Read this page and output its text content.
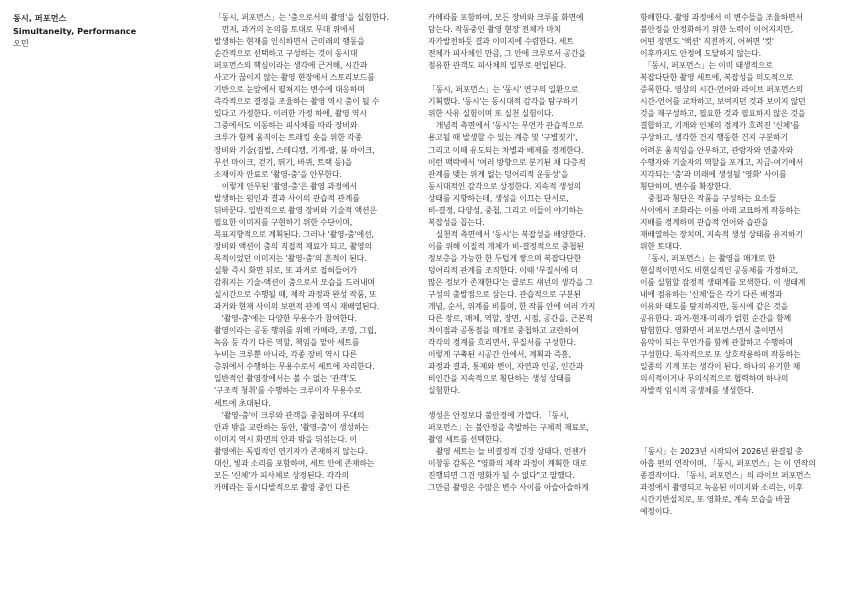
동시, 퍼포먼스
Simultaneity, Performance
오민
「동시, 퍼포먼스」는 '춤으로서의 촬영'을 실험한다.
　먼저, 과거의 논의를 토대로 무대 위에서
발생하는 현재를 인식하면서 근미래의 행동을
순간적으로 선택하고 구성하는 것이 동시대
퍼포먼스의 핵심이라는 생각에 근거해, 시간과
사고가 끊이지 않는 촬영 현장에서 스토리보드를
기반으로 눈앞에서 펼쳐지는 변수에 대응하며
즉각적으로 결정을 조율하는 촬영 역시 춤이 될 수
있다고 가정한다. 이러한 가정 하에, 촬영 역시
그중에서도 이동하는 피사체를 따라 장비와
크루가 함께 움직이는 트래킹 숏을 위한 각종
장비와 기술(짐벌, 스테디캠, 기계-팔, 붐 마이크,
무선 마이크, 걷기, 뛰기, 바퀴, 트랙 등)을
소재이자 안료로 '촬영-춤'을 안무한다.
　이렇게 안무된 '촬영-춤'은 촬영 과정에서
발생하는 원인과 결과 사이의 관습적 관계를
뒤바꾼다. 일반적으로 촬영 장비와 기술적 액션은
필요한 이미지를 구현하기 위한 수단이며,
목표지향적으로 계획된다. 그러나 '촬영-춤'에선,
장비와 액션이 춤의 직접적 재료가 되고, 촬영의
목적이었던 이미지는 '촬영-춤'의 흔적이 된다.
실황 즉시 화면 뒤로, 또 과거로 접혀들어가
감춰지는 기술-액션이 춤으로서 모습을 드러내며
실시간으로 수행될 때, 제작 과정과 완성 작품, 또
과거와 현재 사이의 보편적 관계 역시 재배열된다.
　'촬영-춤'에는 다양한 무용수가 참여한다.
촬영이라는 공동 행위를 위해 카메라, 조명, 그립,
녹음 등 각기 다른 역할, 책임을 맡아 세트를
누비는 크루뿐 아니라, 각종 장비 역시 다른
층위에서 수행하는 무용수로서 세트에 자리한다.
일반적인 촬영장에서는 볼 수 없는 '관객'도
'구조적 청취'를 수행하는 크루이자 무용수로
세트에 초대된다.
　'촬영-춤'이 크루와 관객을 중첩하며 무대의
안과 밖을 교란하는 동안, '촬영-춤'이 생성하는
이미지 역시 화면의 안과 밖을 뒤섞는다. 이
촬영에는 독립적인 연기자가 존재하지 않는다.
대신, 빛과 소리를 포함하여, 세트 안에 존재하는
모든 '신체'가 피사체로 상정된다. 각각의
카메라는 동시다발적으로 촬영 중인 다른
카메라를 포함하여, 모든 장비와 크루를 화면에
담는다. 작동중인 촬영 현장 전체가 마치
자가발전하듯 결과 이미지에 수렴한다. 세트
전체가 피사체인 만큼, 그 안에 크루로서 공간을
점유한 관객도 피사체의 일부로 편입된다.
「동시, 퍼포먼스」는 '동시' 연구의 일환으로
기획했다. '동시'는 동시대적 감각을 탐구하기
위한 사유 실험이며 또 실천 실험이다.
　개념적 측면에서 '동시'는 무언가 관습적으로
용고될 때 발생할 수 있는 계층 및 '구별짓기',
그리고 이때 유도되는 차별과 배제를 경계한다.
이런 맥락에서 '여러 방향으로 분기된 채 다층적
관계를 맺는 위계 없는 덩어리적 운동성'을
동시대적인 감각으로 상정한다. 지속적 생성의
상태를 지향하는데, 생성을 이끄는 단서로,
비-결정, 다양성, 중첩, 그리고 이들이 야기하는
복잡성을 꼽는다.
　실천적 측면에서 '동시'는 복잡성을 배양한다.
이를 위해 이질적 개체가 비-결정적으로 중첩된
정보층을 가능한 한 두텁게 쌓으며 복잡다단한
덩어리적 관계를 조직한다. 이때 '무질서에 더
많은 정보가 존재한다'는 클로드 섀넌의 생각을 그
구성의 출발점으로 삼는다. 관습적으로 구분된
개념, 순서, 위계를 비틀며, 한 작품 안에 여러 가지
다른 장르, 매체, 역할, 장면, 시점, 공간을, 근본적
차이점과 공통점을 매개로 중첩하고 교란하여
각각의 경계를 흐리면서, 무질서를 구성한다.
이렇게 구축된 시공간 안에서, 계획과 즉흥,
과정과 결과, 통제와 변이, 자연과 인공, 인간과
비인간을 지속적으로 횡단하는 생성 상태를
실험한다.
생성은 안정보다 불안정에 가깝다. 「동시,
퍼포먼스」는 불안정을 촉발하는 구체적 재료로,
촬영 세트를 선택한다.
　촬영 세트는 늘 비결정적 긴장 상태다. 언젠가
이창동 감독은 "영화의 제작 과정이 계획한 대로
진행되면 그건 영화가 될 수 없다"고 말했다.
그만큼 촬영은 수많은 변수 사이를 아슬아슬하게
항해한다. 촬영 과정에서 이 변수들을 조율하면서
불안정을 안정화하기 위한 노력이 이어지지만,
어떤 장면도 '액션' 직전까지, 어쩌면 '컷'
이후까지도 안정에 도달하지 않는다.
　「동시, 퍼포먼스」는 이미 태생적으로
복잡다단한 촬영 세트에, 복잡성을 의도적으로
증폭한다. 영상의 시간-언어와 라이브 퍼포먼스의
시간-언어를 교차하고, 보여지던 것과 보이지 않던
것을 재구성하고, 필요한 것과 필요하지 않은 것을
결합하고, 기계와 인체의 경계가 흐려진 '신체'를
구상하고, 생각한 건지 행동한 건지 구분하기
어려운 움직임을 안무하고, 관람자와 연출자와
수행자와 기술자의 역할을 포개고, 지금-여기에서
지각되는 '춤'과 미래에 생성될 '영화' 사이를
횡단하며, 변수를 확장한다.
　중첩과 횡단은 작품을 구성하는 요소들
사이에서 조화라는 이름 아래 교묘하게 작동하는
지배를 경계하며 관습적 언어와 습관을
재배열하는 장치며, 지속적 생성 상태를 유지하기
위한 토대다.
　「동시, 퍼포먼스」는 촬영을 매개로 한
현실적이면서도 비현실적인 공동체를 가정하고,
이를 실험할 잠정적 생태계를 모색한다. 이 생태계
내에 점유하는 '신체'들은 각기 다른 배경과
이유와 태도를 탐지하지만, 동시에 같은 것을
공유한다. 과거-현재-미래가 얽힌 순간을 함께
탐험한다. 영화면서 퍼포먼스면서 춤이면서
음악이 되는 무언가를 함께 관찰하고 수행하며
구성한다. 독자적으로 또 상호작용하며 작동하는
일종의 기계 또는 생각이 된다. 하나의 유기한 채
의식적이거나 무의식적으로 협력하며 하나의
자발적 임시적 공생체를 생성한다.
「동시」는 2023년 시작되어 2026년 완결될 총
아홉 편의 연작이며, 「동시, 퍼포먼스」는 이 연작의
종결작이다. 「동시, 퍼포먼스」의 라이브 퍼포먼스
과정에서 촬영되고 녹음된 이미지와 소리는, 이후
시간기반설치로, 또 영화로, 계속 모습을 바꿀
예정이다.
